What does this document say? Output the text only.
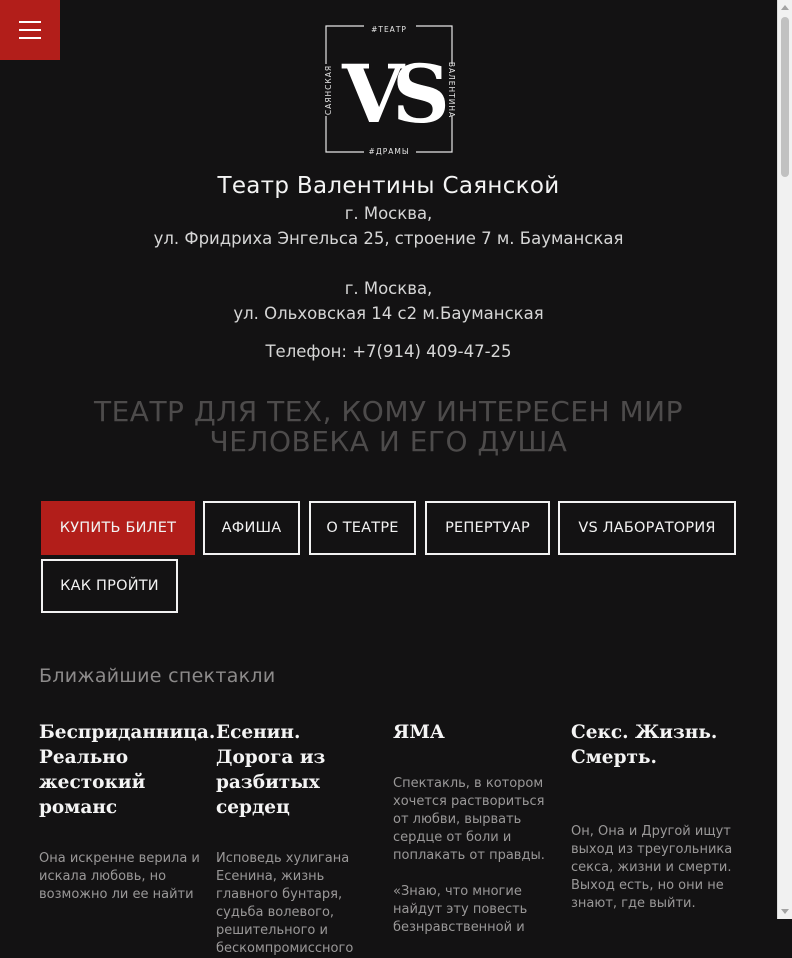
#ТЕАТР
#ДРАМЫ
САЯНСКАЯ	ВАЛЕНТИНА
VS
Театр Валентины Саянской
г. Москва,
ул. Фридриха Энгельса 25, строение 7 м. Бауманская
г. Москва,
ул. Ольховская 14 с2 м.Бауманская
Телефон: +7(914) 409-47-25
ТЕАТР ДЛЯ ТЕХ, КОМУ ИНТЕРЕСЕН МИР
ЧЕЛОВЕКА И ЕГО ДУША
КУПИТЬ БИЛЕТ	АФИША	О ТЕАТРЕ	РЕПЕРТУАР	VS ЛАБОРАТОРИЯ
КАК ПРОЙТИ
Ближайшие спектакли
Бесприданница. Реально жестокий романс

Она искренне верила и искала любовь, но возможно ли ее найти

Есенин. Дорога из разбитых сердец

Исповедь хулигана Есенина, жизнь главного бунтаря, судьба волевого, решительного и бескомпромиссного

ЯМА

Спектакль, в котором хочется раствориться от любви, вырвать сердце от боли и поплакать от правды.

«Знаю, что многие найдут эту повесть безнравственной и

Секс. Жизнь. Смерть.

Он, Она и Другой ищут выход из треугольника секса, жизни и смерти. Выход есть, но они не знают, где выйти.
